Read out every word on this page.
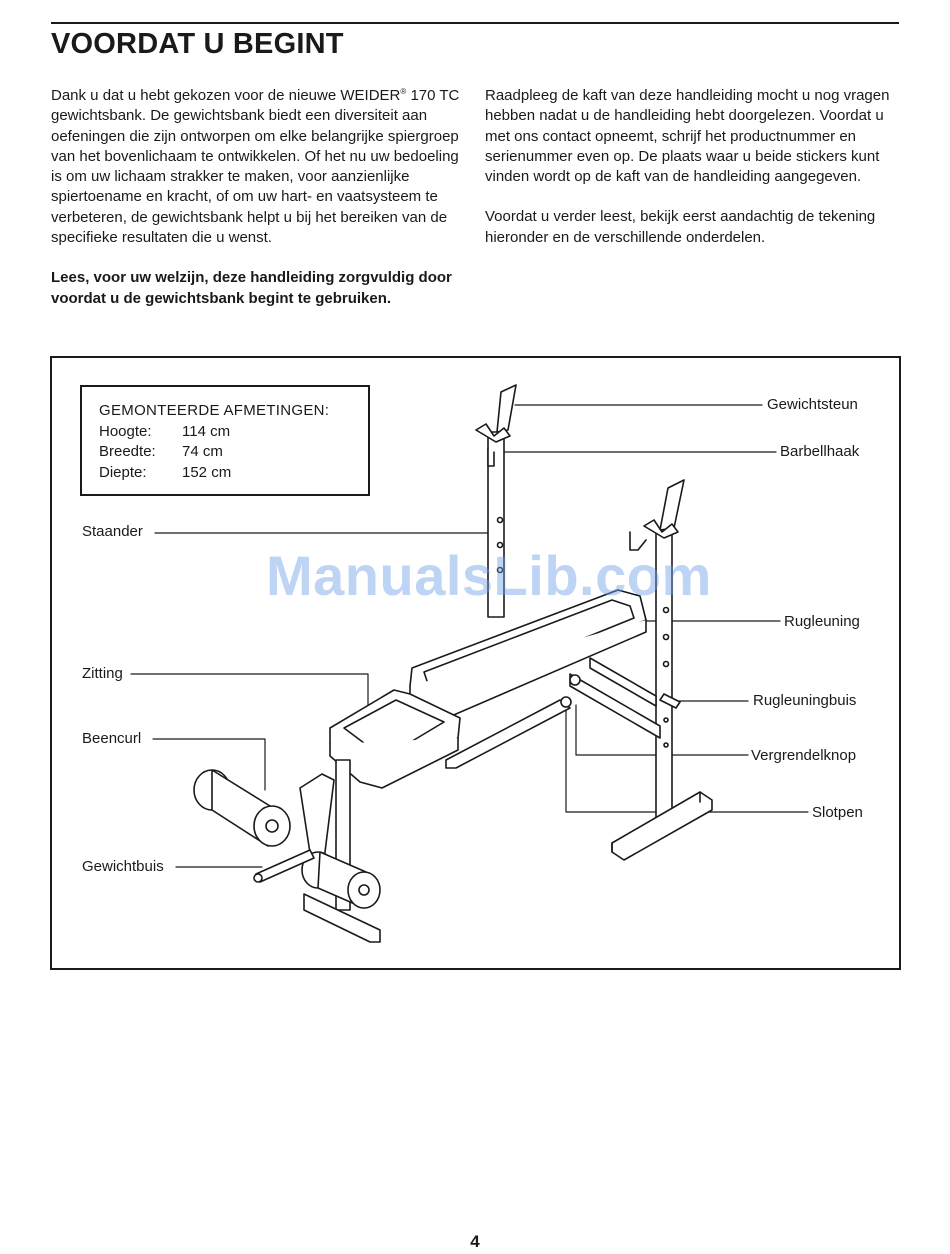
VOORDAT U BEGINT

Dank u dat u hebt gekozen voor de nieuwe WEIDER® 170 TC gewichtsbank. De gewichtsbank biedt een diversiteit aan oefeningen die zijn ontworpen om elke belangrijke spiergroep van het bovenlichaam te ontwikkelen. Of het nu uw bedoeling is om uw lichaam strakker te maken, voor aanzienlijke spiertoename en kracht, of om uw hart- en vaatsysteem te verbeteren, de gewichtsbank helpt u bij het bereiken van de specifieke resultaten die u wenst.

Lees, voor uw welzijn, deze handleiding zorgvuldig door voordat u de gewichtsbank begint te gebruiken.

Raadpleeg de kaft van deze handleiding mocht u nog vragen hebben nadat u de handleiding hebt doorgelezen. Voordat u met ons contact opneemt, schrijf het productnummer en serienummer even op. De plaats waar u beide stickers kunt vinden wordt op de kaft van de handleiding aangegeven.

Voordat u verder leest, bekijk eerst aandachtig de tekening hieronder en de verschillende onderdelen.

GEMONTEERDE AFMETINGEN:
Hoogte:	114 cm
Breedte:	74 cm
Diepte:	152 cm
Gewichtsteun
Barbellhaak
Staander
Rugleuning
Zitting
Rugleuningbuis
Beencurl
Vergrendelknop
Slotpen
Gewichtbuis
ManualsLib.com
4
